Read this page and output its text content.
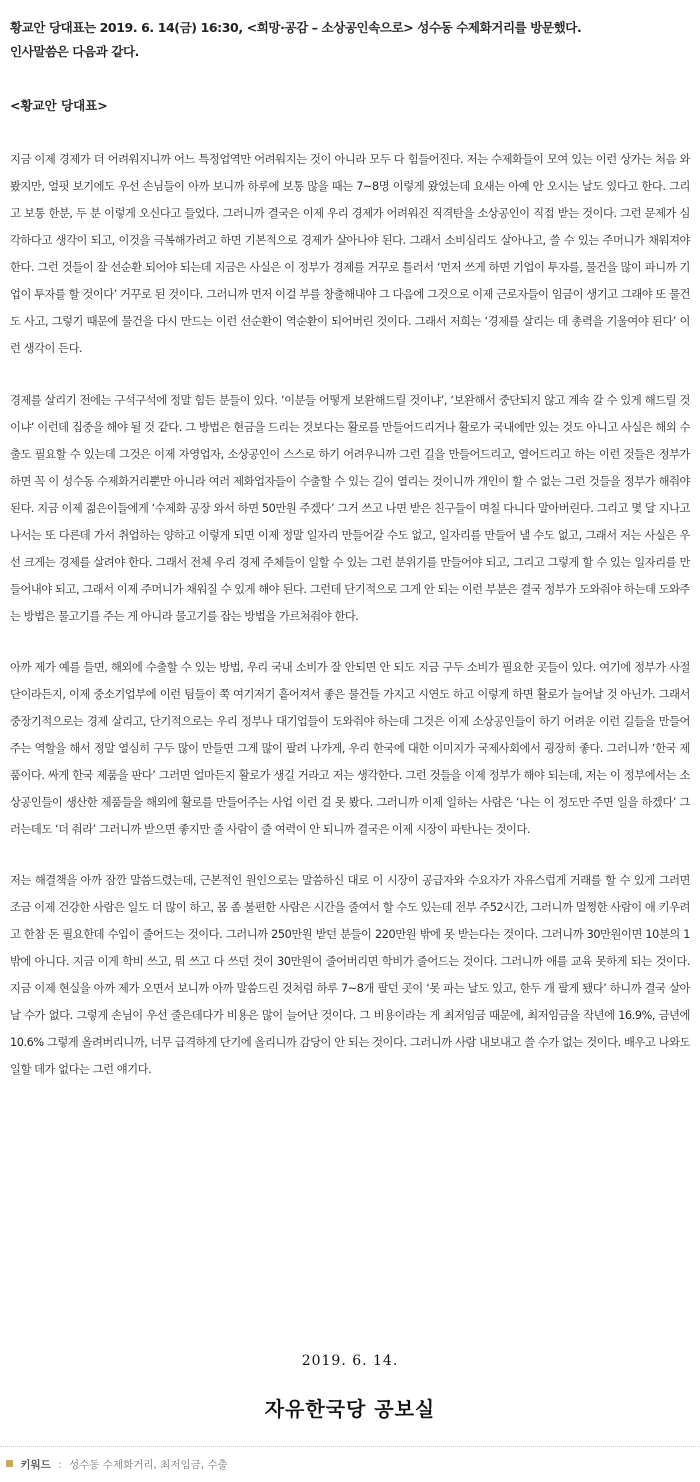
황교안 당대표는 2019. 6. 14(금) 16:30, <희망·공감 – 소상공인속으로> 성수동 수제화거리를 방문했다.
인사말씀은 다음과 같다.
<황교안 당대표>

지금 이제 경제가 더 어려워지니까 어느 특정업역만 어려워지는 것이 아니라 모두 다 힘들어진다. 저는 수제화들이 모여 있는 이런 상가는 처음 와봤지만, 얼핏 보기에도 우선 손님들이 아까 보니까 하루에 보통 많을 때는 7~8명 이렇게 왔었는데 요새는 아예 안 오시는 날도 있다고 한다. 그리고 보통 한분, 두 분 이렇게 오신다고 들었다. 그러니까 결국은 이제 우리 경제가 어려워진 직격탄을 소상공인이 직접 받는 것이다. 그런 문제가 심각하다고 생각이 되고, 이것을 극복해가려고 하면 기본적으로 경제가 살아나야 된다. 그래서 소비심리도 살아나고, 쓸 수 있는 주머니가 채워져야 한다. 그런 것들이 잘 선순환 되어야 되는데 지금은 사실은 이 정부가 경제를 거꾸로 틀러서 ‘먼저 쓰게 하면 기업이 투자를, 물건을 많이 파니까 기업이 투자를 할 것이다’ 거꾸로 된 것이다. 그러니까 먼저 이걸 부를 창출해내야 그 다음에 그것으로 이제 근로자들이 임금이 생기고 그래야 또 물건도 사고, 그렇기 때문에 물건을 다시 만드는 이런 선순환이 역순환이 되어버린 것이다. 그래서 저희는 ‘경제를 살리는 데 총력을 기울여야 된다’ 이런 생각이 든다.

경제를 살리기 전에는 구석구석에 정말 힘든 분들이 있다. ‘이분들 어떻게 보완해드릴 것이냐’, ‘보완해서 중단되지 않고 계속 갈 수 있게 해드릴 것이냐’ 이런데 집중을 해야 될 것 같다. 그 방법은 현금을 드리는 것보다는 활로를 만들어드리거나 활로가 국내에만 있는 것도 아니고 사실은 해외 수출도 필요할 수 있는데 그것은 이제 자영업자, 소상공인이 스스로 하기 어려우니까 그런 길을 만들어드리고, 열어드리고 하는 이런 것들은 정부가 하면 꼭 이 성수동 수제화거리뿐만 아니라 여러 제화업자들이 수출할 수 있는 길이 열리는 것이니까 개인이 할 수 없는 그런 것들을 정부가 해줘야 된다. 지금 이제 젊은이들에게 ‘수제화 공장 와서 하면 50만원 주겠다’ 그거 쓰고 나면 받은 친구들이 며칠 다니다 말아버린다. 그리고 몇 달 지나고 나서는 또 다른데 가서 취업하는 양하고 이렇게 되면 이제 정말 일자리 만들어갈 수도 없고, 일자리를 만들어 낼 수도 없고, 그래서 저는 사실은 우선 크게는 경제를 살려야 한다. 그래서 전체 우리 경제 주체들이 일할 수 있는 그런 분위기를 만들어야 되고, 그리고 그렇게 할 수 있는 일자리를 만들어내야 되고, 그래서 이제 주머니가 채워질 수 있게 해야 된다. 그런데 단기적으로 그게 안 되는 이런 부분은 결국 정부가 도와줘야 하는데 도와주는 방법은 물고기를 주는 게 아니라 물고기를 잡는 방법을 가르쳐줘야 한다.

아까 제가 예를 들면, 해외에 수출할 수 있는 방법, 우리 국내 소비가 잘 안되면 안 되도 지금 구두 소비가 필요한 곳들이 있다. 여기에 정부가 사절단이라든지, 이제 중소기업부에 이런 팀들이 쭉 여기저기 흩어져서 좋은 물건들 가지고 시연도 하고 이렇게 하면 활로가 늘어날 것 아닌가. 그래서 중장기적으로는 경제 살리고, 단기적으로는 우리 정부나 대기업들이 도와줘야 하는데 그것은 이제 소상공인들이 하기 어려운 이런 길들을 만들어주는 역할을 해서 정말 열심히 구두 많이 만들면 그게 많이 팔려 나가게, 우리 한국에 대한 이미지가 국제사회에서 굉장히 좋다. 그러니까 ‘한국 제품이다. 싸게 한국 제품을 판다’ 그러면 얼마든지 활로가 생길 거라고 저는 생각한다. 그런 것들을 이제 정부가 해야 되는데, 저는 이 정부에서는 소상공인들이 생산한 제품들을 해외에 활로를 만들어주는 사업 이런 걸 못 봤다. 그러니까 이제 일하는 사람은 ‘나는 이 정도만 주면 일을 하겠다’ 그러는데도 ‘더 줘라’ 그러니까 받으면 좋지만 줄 사람이 줄 여력이 안 되니까 결국은 이제 시장이 파탄나는 것이다.

저는 해결책을 아까 잠깐 말씀드렸는데, 근본적인 원인으로는 말씀하신 대로 이 시장이 공급자와 수요자가 자유스럽게 거래를 할 수 있게 그러면 조금 이제 건강한 사람은 일도 더 많이 하고, 몸 좀 불편한 사람은 시간을 줄여서 할 수도 있는데 전부 주52시간, 그러니까 멀쩡한 사람이 애 키우려고 한참 돈 필요한데 수입이 줄어드는 것이다. 그러니까 250만원 받던 분들이 220만원 밖에 못 받는다는 것이다. 그러니까 30만원이면 10분의 1밖에 아니다. 지금 이게 학비 쓰고, 뭐 쓰고 다 쓰던 것이 30만원이 줄어버리면 학비가 줄어드는 것이다. 그러니까 애를 교육 못하게 되는 것이다. 지금 이제 현실을 아까 제가 오면서 보니까 아까 말씀드린 것처럼 하루 7~8개 팔던 곳이 ‘못 파는 날도 있고, 한두 개 팔게 됐다’ 하니까 결국 살아날 수가 없다. 그렇게 손님이 우선 줄은데다가 비용은 많이 늘어난 것이다. 그 비용이라는 게 최저임금 때문에, 최저임금을 작년에 16.9%, 금년에 10.6% 그렇게 올려버리니까, 너무 급격하게 단기에 올리니까 감당이 안 되는 것이다. 그러니까 사람 내보내고 쓸 수가 없는 것이다. 배우고 나와도 일할 데가 없다는 그런 얘기다.

2019. 6. 14.
자유한국당 공보실
키워드 : 성수동 수제화거리, 최저임금, 수출
